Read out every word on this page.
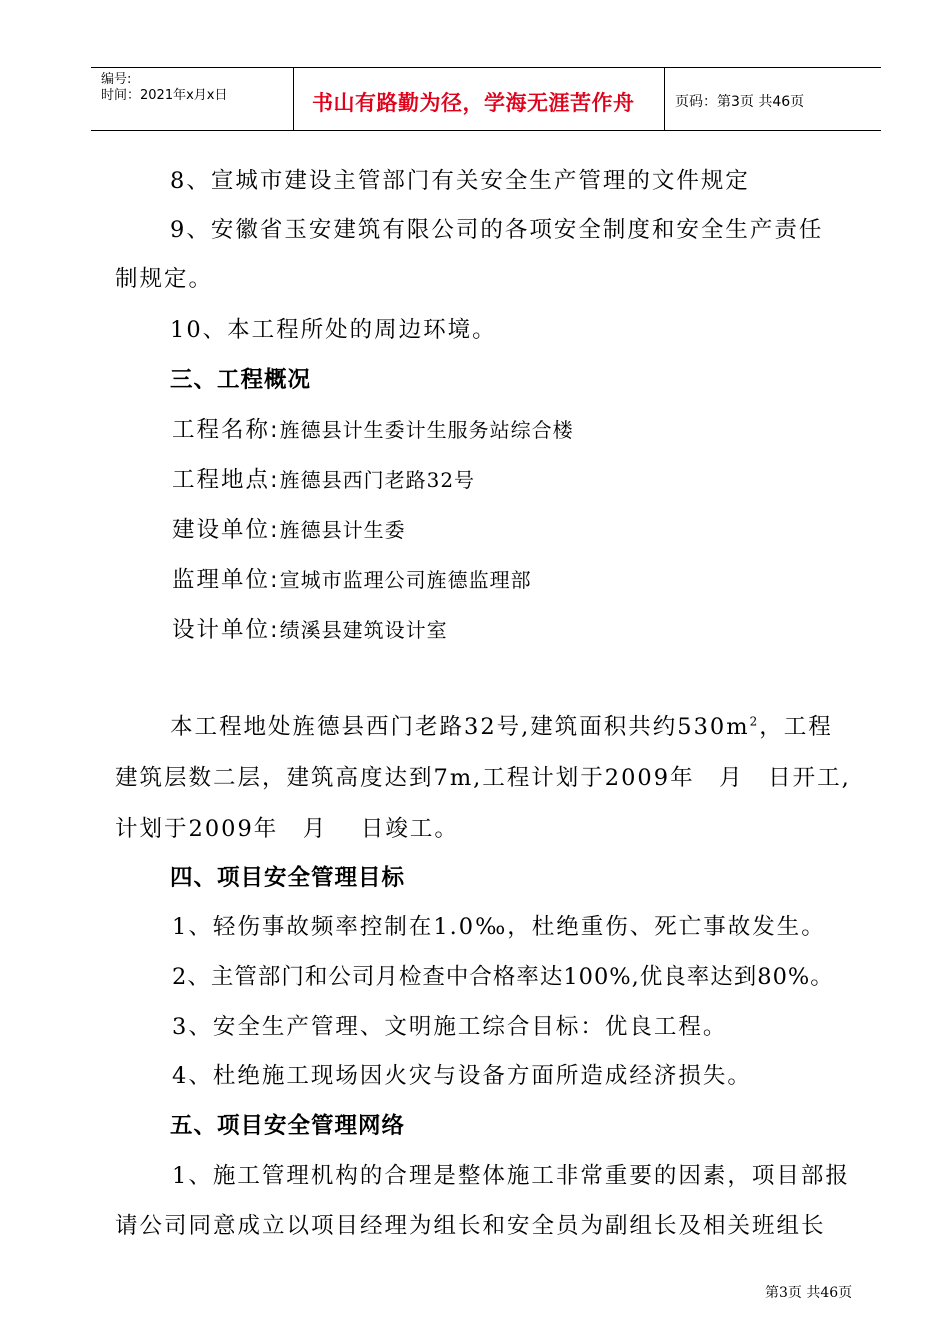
编号:
时间：2021年x月x日	书山有路勤为径，学海无涯苦作舟	页码：第3页 共46页
8、宣城市建设主管部门有关安全生产管理的文件规定
9、安徽省玉安建筑有限公司的各项安全制度和安全生产责任
制规定。
10、本工程所处的周边环境。
三、工程概况
工程名称:旌德县计生委计生服务站综合楼
工程地点:旌德县西门老路32号
建设单位:旌德县计生委
监理单位:宣城市监理公司旌德监理部
设计单位:绩溪县建筑设计室
本工程地处旌德县西门老路32号,建筑面积共约$530m^2$，工程
建筑层数二层，建筑高度达到7m,工程计划于2009年　月　日开工,
计划于2009年　月　 日竣工。
四、项目安全管理目标
1、轻伤事故频率控制在1.0‰，杜绝重伤、死亡事故发生。
2、主管部门和公司月检查中合格率达100%,优良率达到80%。
3、安全生产管理、文明施工综合目标：优良工程。
4、杜绝施工现场因火灾与设备方面所造成经济损失。
五、项目安全管理网络
1、施工管理机构的合理是整体施工非常重要的因素，项目部报
请公司同意成立以项目经理为组长和安全员为副组长及相关班组长
第3页 共46页
